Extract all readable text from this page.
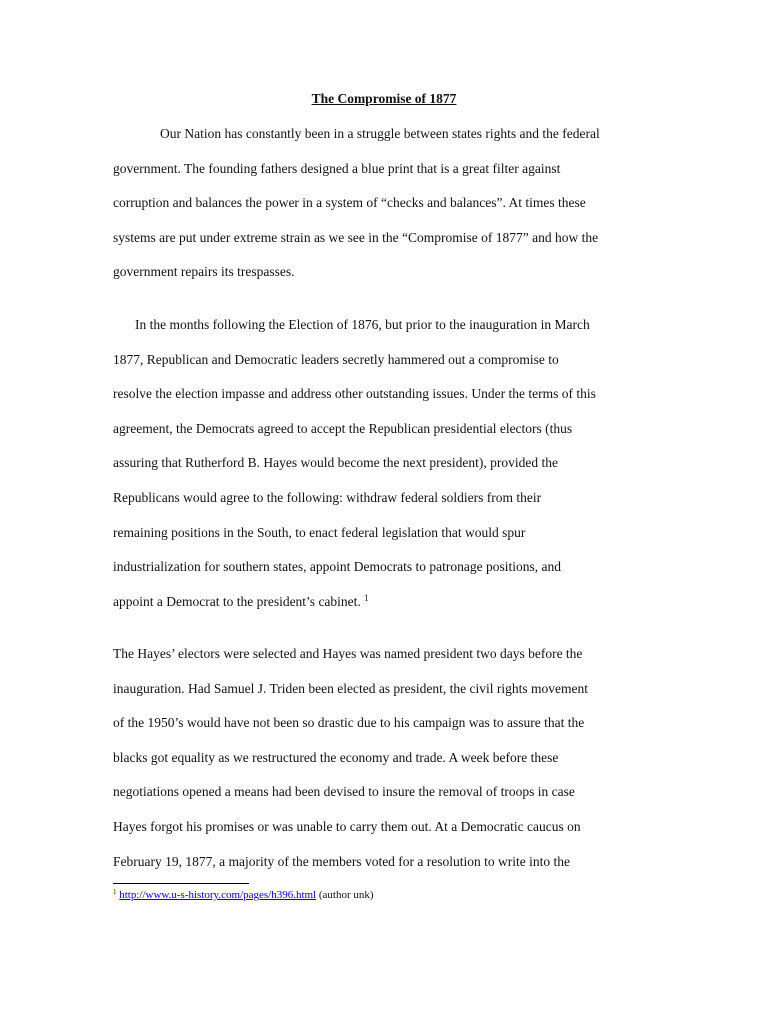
The Compromise of 1877

Our Nation has constantly been in a struggle between states rights and the federal
government. The founding fathers designed a blue print that is a great filter against
corruption and balances the power in a system of “checks and balances”. At times these
systems are put under extreme strain as we see in the “Compromise of 1877” and how the
government repairs its trespasses.

In the months following the Election of 1876, but prior to the inauguration in March
1877, Republican and Democratic leaders secretly hammered out a compromise to
resolve the election impasse and address other outstanding issues. Under the terms of this
agreement, the Democrats agreed to accept the Republican presidential electors (thus
assuring that Rutherford B. Hayes would become the next president), provided the
Republicans would agree to the following: withdraw federal soldiers from their
remaining positions in the South, to enact federal legislation that would spur
industrialization for southern states, appoint Democrats to patronage positions, and
appoint a Democrat to the president’s cabinet. $^1$

The Hayes’ electors were selected and Hayes was named president two days before the
inauguration. Had Samuel J. Triden been elected as president, the civil rights movement
of the 1950’s would have not been so drastic due to his campaign was to assure that the
blacks got equality as we restructured the economy and trade. A week before these
negotiations opened a means had been devised to insure the removal of troops in case
Hayes forgot his promises or was unable to carry them out. At a Democratic caucus on
February 19, 1877, a majority of the members voted for a resolution to write into the

$^1$ http://www.u-s-history.com/pages/h396.html (author unk)
